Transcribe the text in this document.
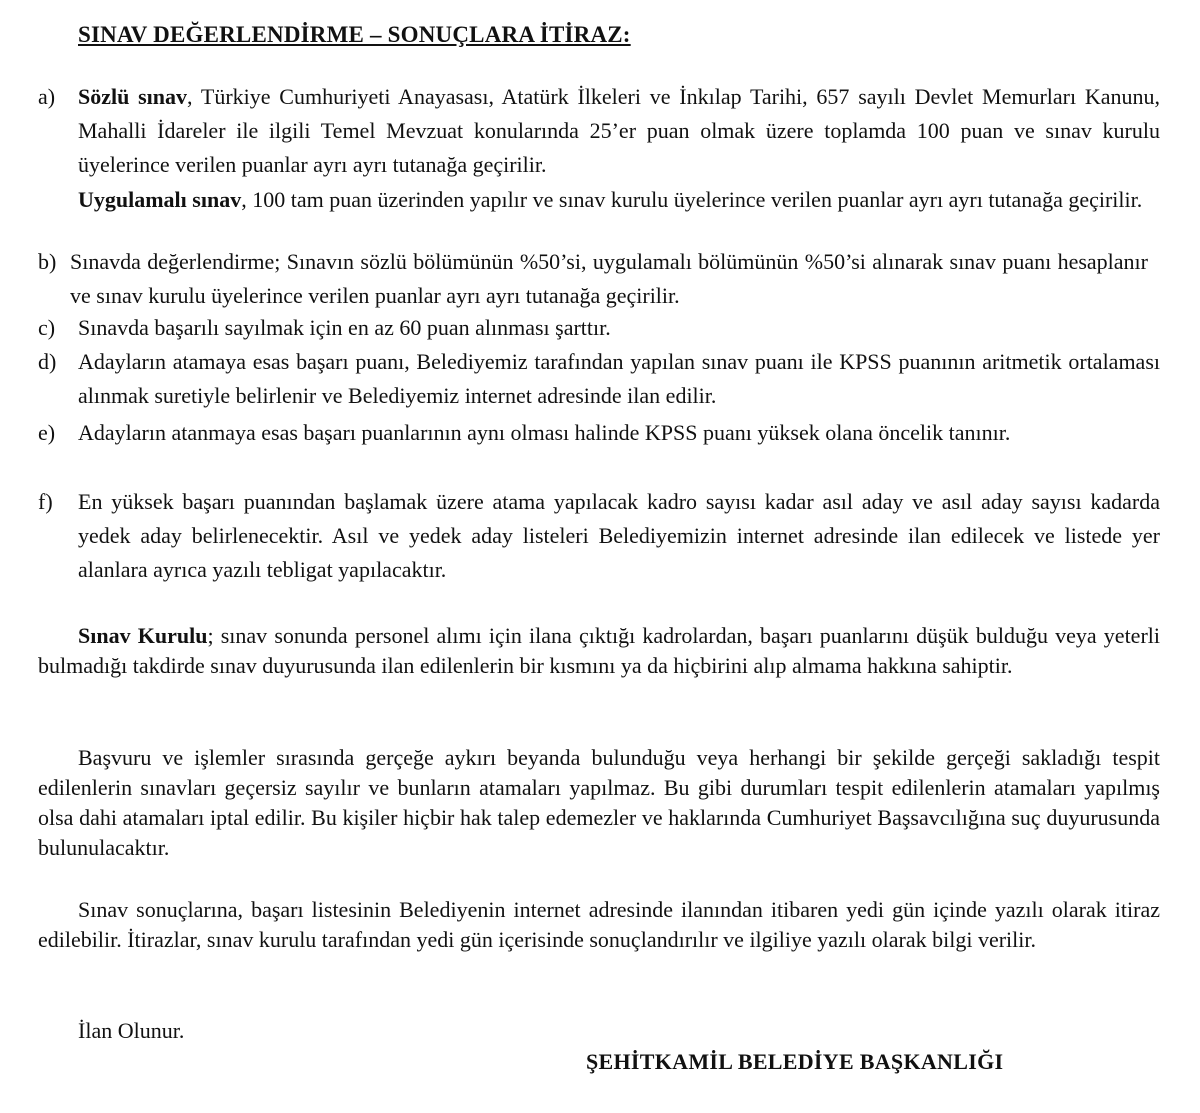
SINAV DEĞERLENDİRME – SONUÇLARA İTİRAZ:
a) Sözlü sınav, Türkiye Cumhuriyeti Anayasası, Atatürk İlkeleri ve İnkılap Tarihi, 657 sayılı Devlet Memurları Kanunu, Mahalli İdareler ile ilgili Temel Mevzuat konularında 25’er puan olmak üzere toplamda 100 puan ve sınav kurulu üyelerince verilen puanlar ayrı ayrı tutanağa geçirilir.
Uygulamalı sınav, 100 tam puan üzerinden yapılır ve sınav kurulu üyelerince verilen puanlar ayrı ayrı tutanağa geçirilir.
b) Sınavda değerlendirme; Sınavın sözlü bölümünün %50’si, uygulamalı bölümünün %50’si alınarak sınav puanı hesaplanır ve sınav kurulu üyelerince verilen puanlar ayrı ayrı tutanağa geçirilir.
c) Sınavda başarılı sayılmak için en az 60 puan alınması şarttır.
d) Adayların atamaya esas başarı puanı, Belediyemiz tarafından yapılan sınav puanı ile KPSS puanının aritmetik ortalaması alınmak suretiyle belirlenir ve Belediyemiz internet adresinde ilan edilir.
e) Adayların atanmaya esas başarı puanlarının aynı olması halinde KPSS puanı yüksek olana öncelik tanınır.
f) En yüksek başarı puanından başlamak üzere atama yapılacak kadro sayısı kadar asıl aday ve asıl aday sayısı kadarda yedek aday belirlenecektir. Asıl ve yedek aday listeleri Belediyemizin internet adresinde ilan edilecek ve listede yer alanlara ayrıca yazılı tebligat yapılacaktır.
Sınav Kurulu; sınav sonunda personel alımı için ilana çıktığı kadrolardan, başarı puanlarını düşük bulduğu veya yeterli bulmadığı takdirde sınav duyurusunda ilan edilenlerin bir kısmını ya da hiçbirini alıp almama hakkına sahiptir.
Başvuru ve işlemler sırasında gerçeğe aykırı beyanda bulunduğu veya herhangi bir şekilde gerçeği sakladığı tespit edilenlerin sınavları geçersiz sayılır ve bunların atamaları yapılmaz. Bu gibi durumları tespit edilenlerin atamaları yapılmış olsa dahi atamaları iptal edilir. Bu kişiler hiçbir hak talep edemezler ve haklarında Cumhuriyet Başsavcılığına suç duyurusunda bulunulacaktır.
Sınav sonuçlarına, başarı listesinin Belediyenin internet adresinde ilanından itibaren yedi gün içinde yazılı olarak itiraz edilebilir. İtirazlar, sınav kurulu tarafından yedi gün içerisinde sonuçlandırılır ve ilgiliye yazılı olarak bilgi verilir.
İlan Olunur.
ŞEHİTKAMİL BELEDİYE BAŞKANLIĞI
